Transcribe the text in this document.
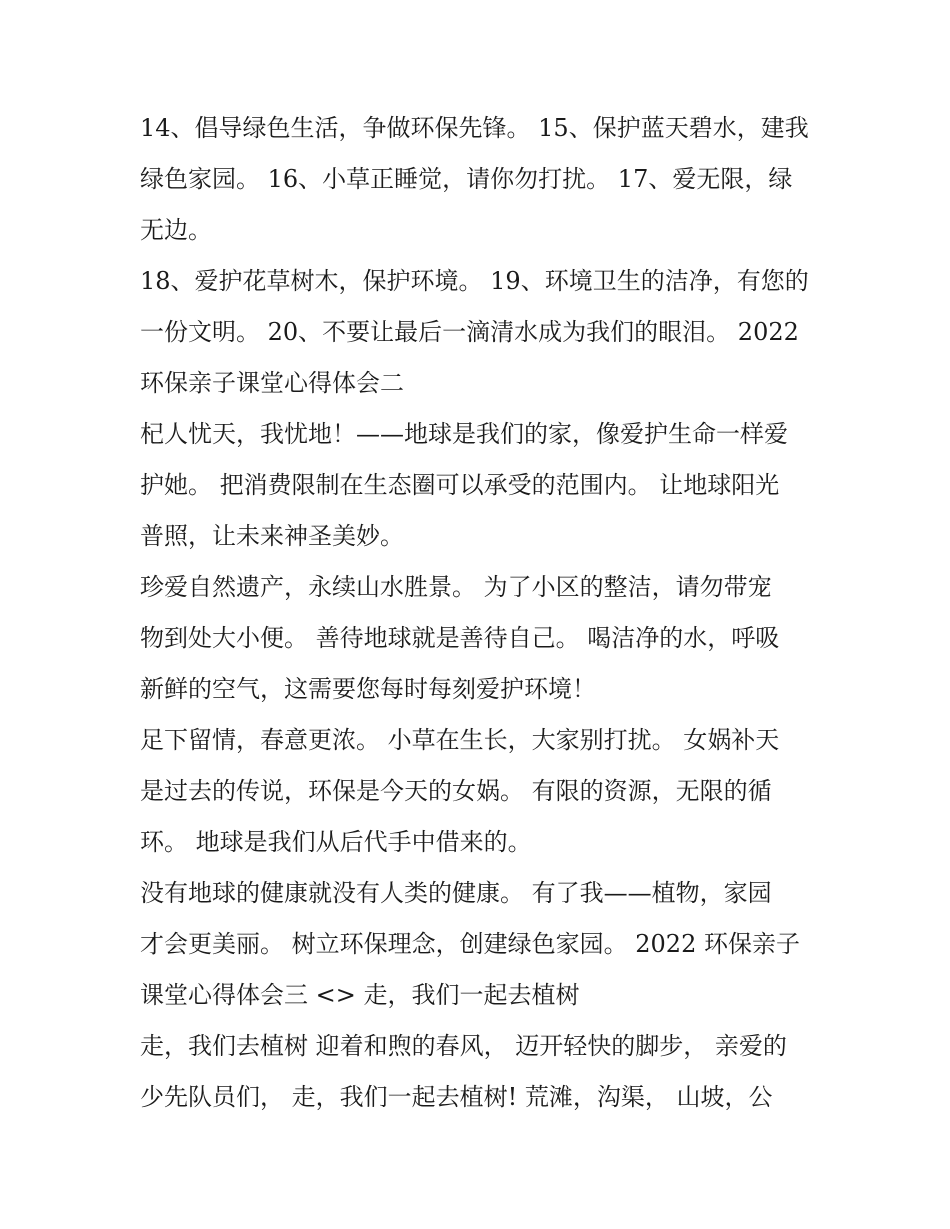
14、倡导绿色生活，争做环保先锋。 15、保护蓝天碧水，建我
绿色家园。 16、小草正睡觉，请你勿打扰。 17、爱无限，绿
无边。
18、爱护花草树木，保护环境。 19、环境卫生的洁净，有您的
一份文明。 20、不要让最后一滴清水成为我们的眼泪。 2022
环保亲子课堂心得体会二
杞人忧天，我忧地！——地球是我们的家，像爱护生命一样爱
护她。 把消费限制在生态圈可以承受的范围内。 让地球阳光
普照，让未来神圣美妙。
珍爱自然遗产，永续山水胜景。 为了小区的整洁，请勿带宠
物到处大小便。 善待地球就是善待自己。 喝洁净的水，呼吸
新鲜的空气，这需要您每时每刻爱护环境！
足下留情，春意更浓。 小草在生长，大家别打扰。 女娲补天
是过去的传说，环保是今天的女娲。 有限的资源，无限的循
环。 地球是我们从后代手中借来的。
没有地球的健康就没有人类的健康。 有了我——植物，家园
才会更美丽。 树立环保理念，创建绿色家园。 2022 环保亲子
课堂心得体会三 <> 走，我们一起去植树
走，我们去植树 迎着和煦的春风， 迈开轻快的脚步， 亲爱的
少先队员们， 走，我们一起去植树! 荒滩，沟渠， 山坡，公
